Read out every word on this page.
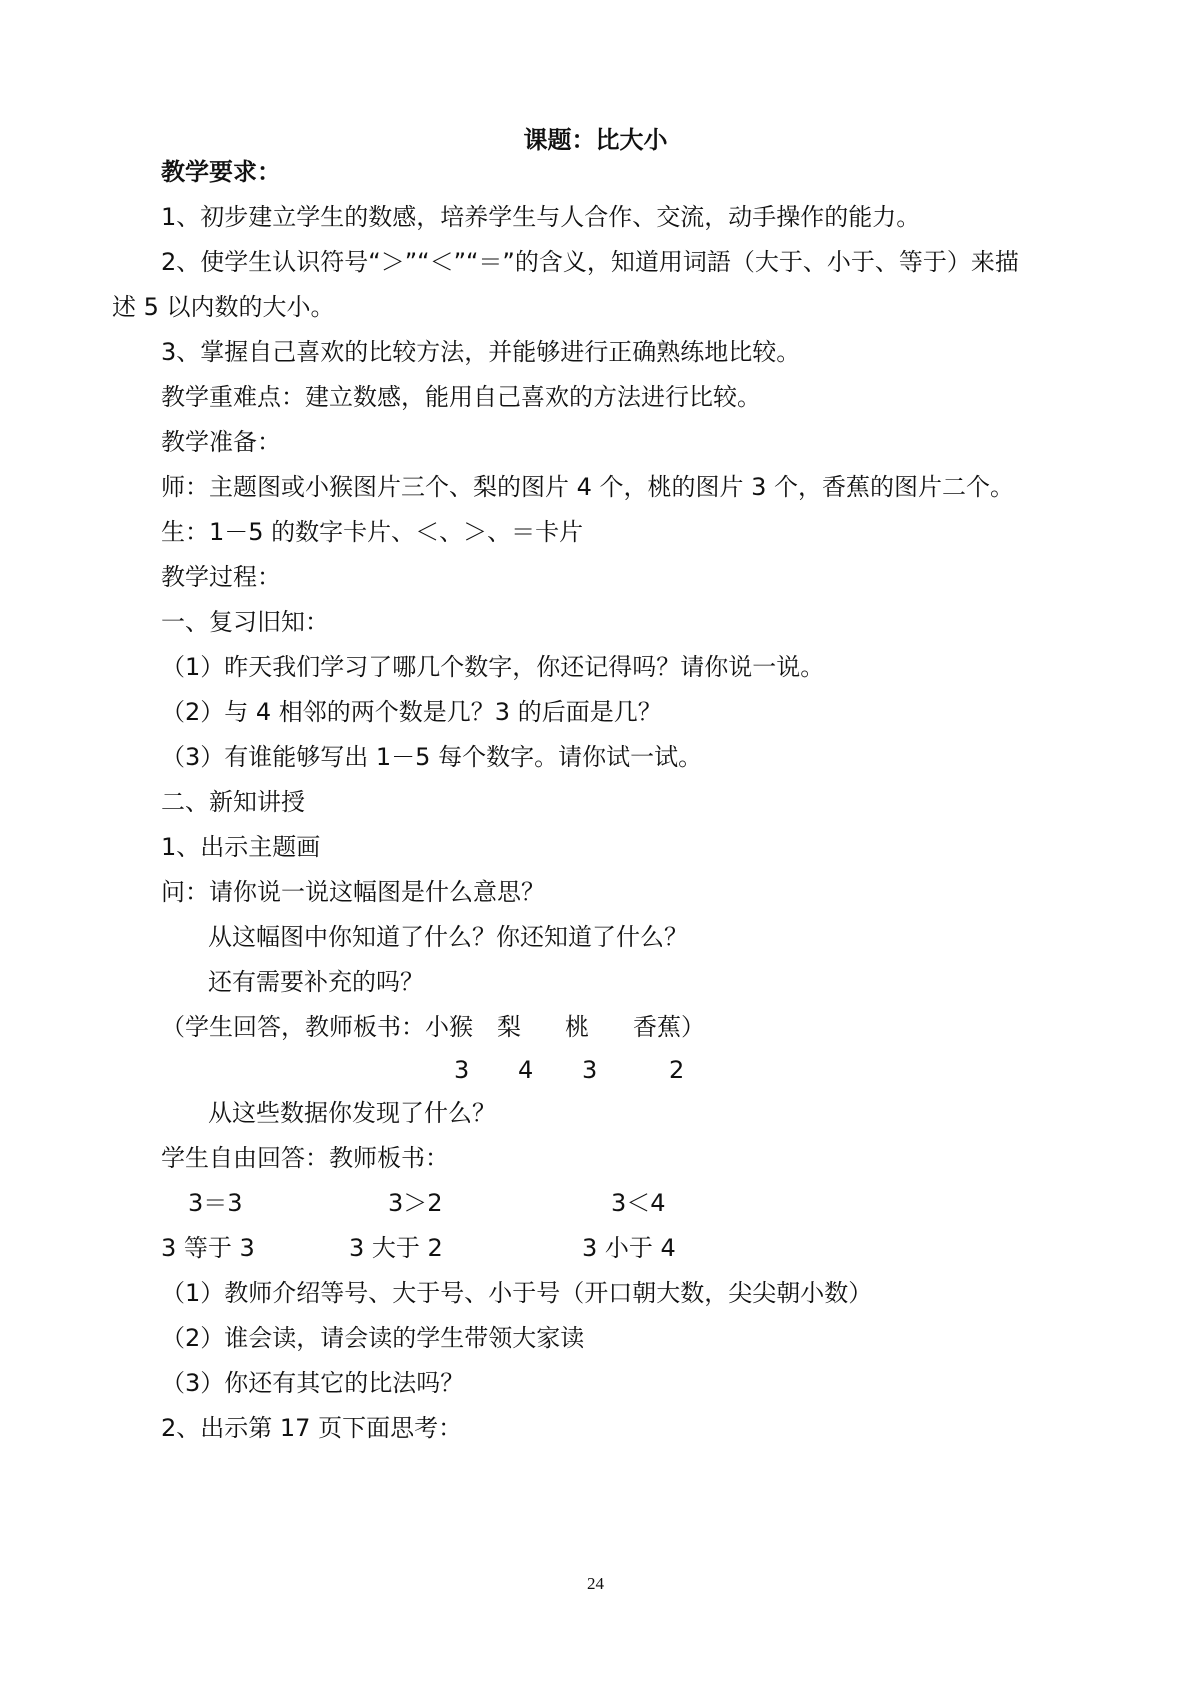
课题：比大小
教学要求：
1、初步建立学生的数感，培养学生与人合作、交流，动手操作的能力。
2、使学生认识符号“＞”“＜”“＝”的含义，知道用词語（大于、小于、等于）来描
述 5 以内数的大小。
3、掌握自己喜欢的比较方法，并能够进行正确熟练地比较。
教学重难点：建立数感，能用自己喜欢的方法进行比较。
教学准备：
师：主题图或小猴图片三个、梨的图片 4 个，桃的图片 3 个，香蕉的图片二个。
生：1－5 的数字卡片、＜、＞、＝卡片
教学过程：
一、复习旧知：
（1）昨天我们学习了哪几个数字，你还记得吗？请你说一说。
（2）与 4 相邻的两个数是几？3 的后面是几？
（3）有谁能够写出 1－5 每个数字。请你试一试。
二、新知讲授
1、出示主题画
问：请你说一说这幅图是什么意思？
从这幅图中你知道了什么？你还知道了什么？
还有需要补充的吗？
（学生回答，教师板书：小猴	梨	桃	香蕉）
3	4	3	2
从这些数据你发现了什么？
学生自由回答：教师板书：
3＝3	3＞2	3＜4
3 等于 3	3 大于 2	3 小于 4
（1）教师介绍等号、大于号、小于号（开口朝大数，尖尖朝小数）
（2）谁会读，请会读的学生带领大家读
（3）你还有其它的比法吗？
2、出示第 17 页下面思考：
24
